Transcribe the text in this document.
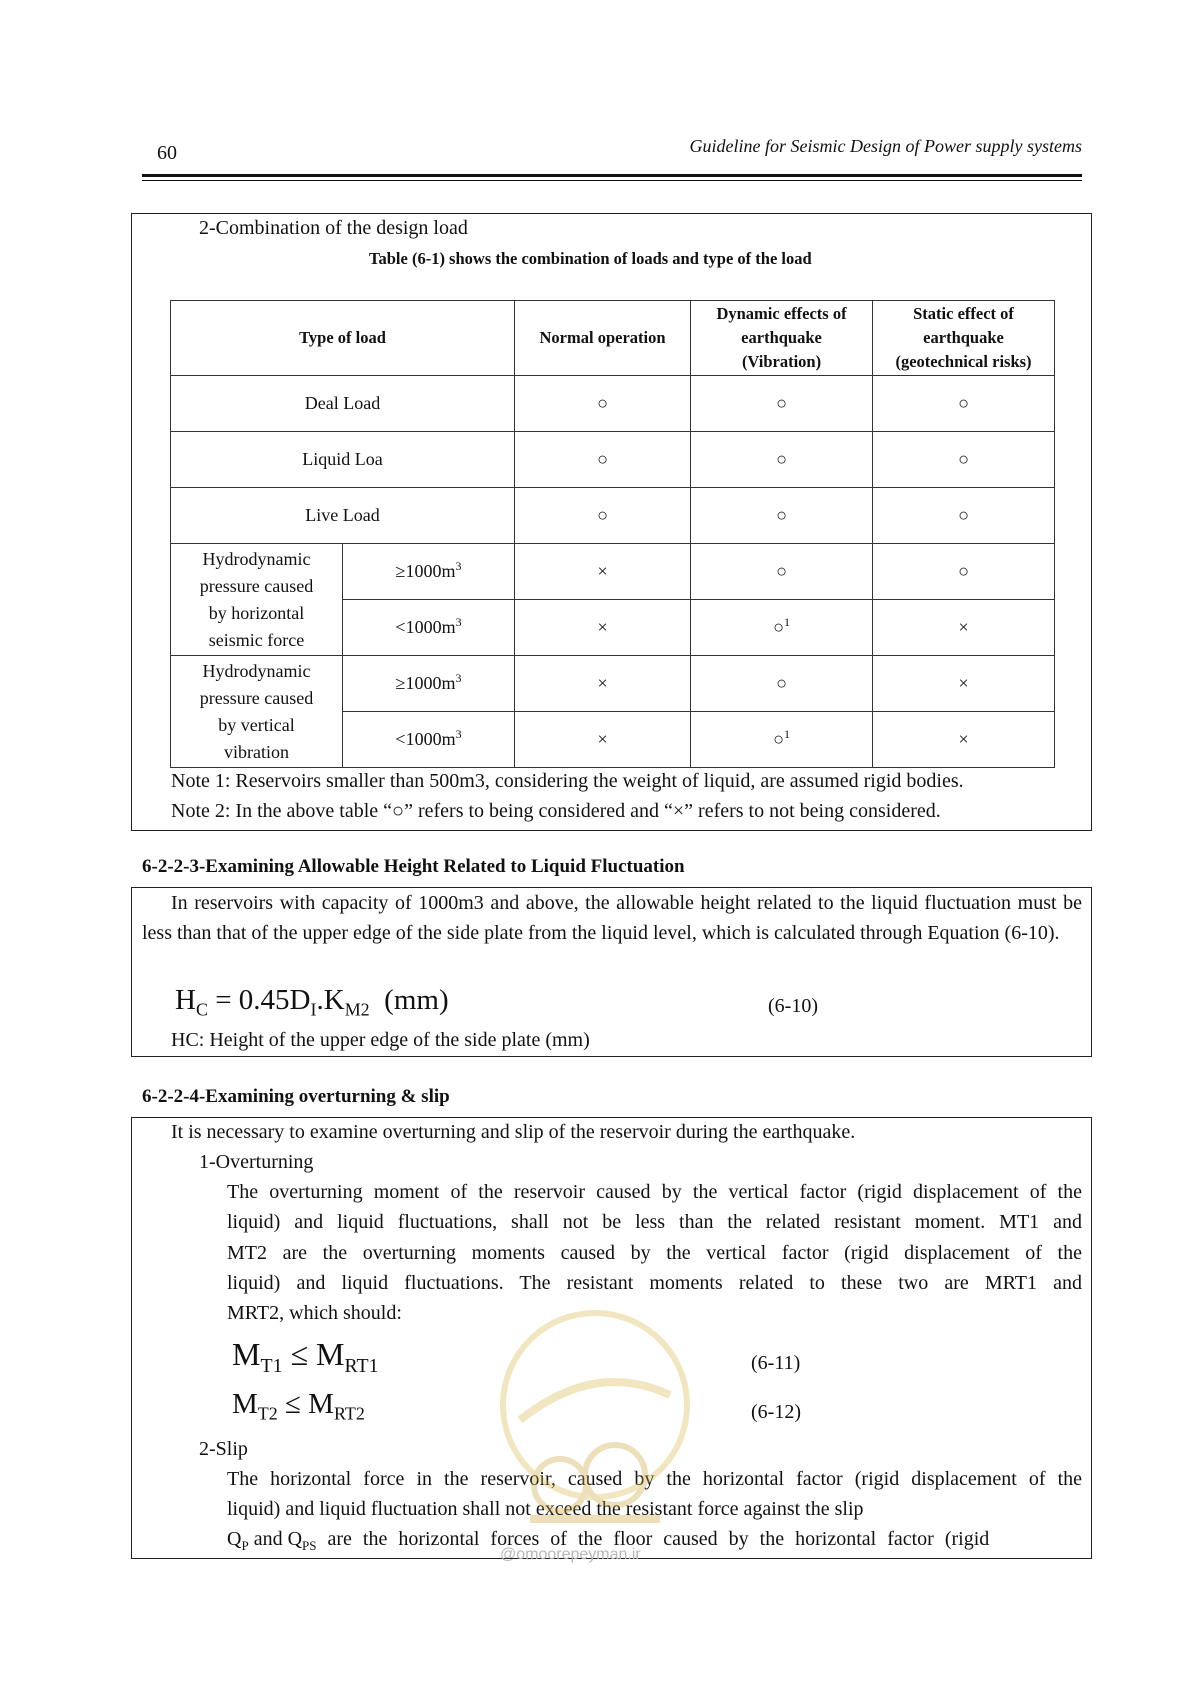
60	Guideline for Seismic Design of Power supply systems
2-Combination of the design load
Table (6-1) shows the combination of loads and type of the load
Type of load		Normal operation	Dynamic effects of
earthquake
(Vibration)	Static effect of
earthquake
(geotechnical risks)
Deal Load		○	○	○
Liquid Loa		○	○	○
Live Load		○	○	○
Hydrodynamic
pressure caused
by horizontal
seismic force	$\ge 1000m^3$	×	○	○
	$<1000m^3$	×	○$^1$	×
Hydrodynamic
pressure caused
by vertical
vibration	$\ge 1000m^3$	×	○	×
	$<1000m^3$	×	○$^1$	×
Note 1: Reservoirs smaller than 500m3, considering the weight of liquid, are assumed rigid bodies.
Note 2: In the above table “○” refers to being considered and “×” refers to not being considered.
6-2-2-3-Examining Allowable Height Related to Liquid Fluctuation
In reservoirs with capacity of 1000m3 and above, the allowable height related to the liquid fluctuation must be less than that of the upper edge of the side plate from the liquid level, which is calculated through Equation (6-10).
$H_C = 0.45D_I.K_{M2}$ (mm)	(6-10)
HC: Height of the upper edge of the side plate (mm)
6-2-2-4-Examining overturning & slip
It is necessary to examine overturning and slip of the reservoir during the earthquake.
1-Overturning
The overturning moment of the reservoir caused by the vertical factor (rigid displacement of the
liquid) and liquid fluctuations, shall not be less than the related resistant moment. MT1 and
MT2 are the overturning moments caused by the vertical factor (rigid displacement of the
liquid) and liquid fluctuations. The resistant moments related to these two are MRT1 and
MRT2, which should:
$M_{T1} \le M_{RT1}$	(6-11)
$M_{T2} \le M_{RT2}$	(6-12)
2-Slip
The horizontal force in the reservoir, caused by the horizontal factor (rigid displacement of the
liquid) and liquid fluctuation shall not exceed the resistant force against the slip
$Q_P$ and $Q_{PS}$ are the horizontal forces of the floor caused by the horizontal factor (rigid
@omoorepeyman.ir
